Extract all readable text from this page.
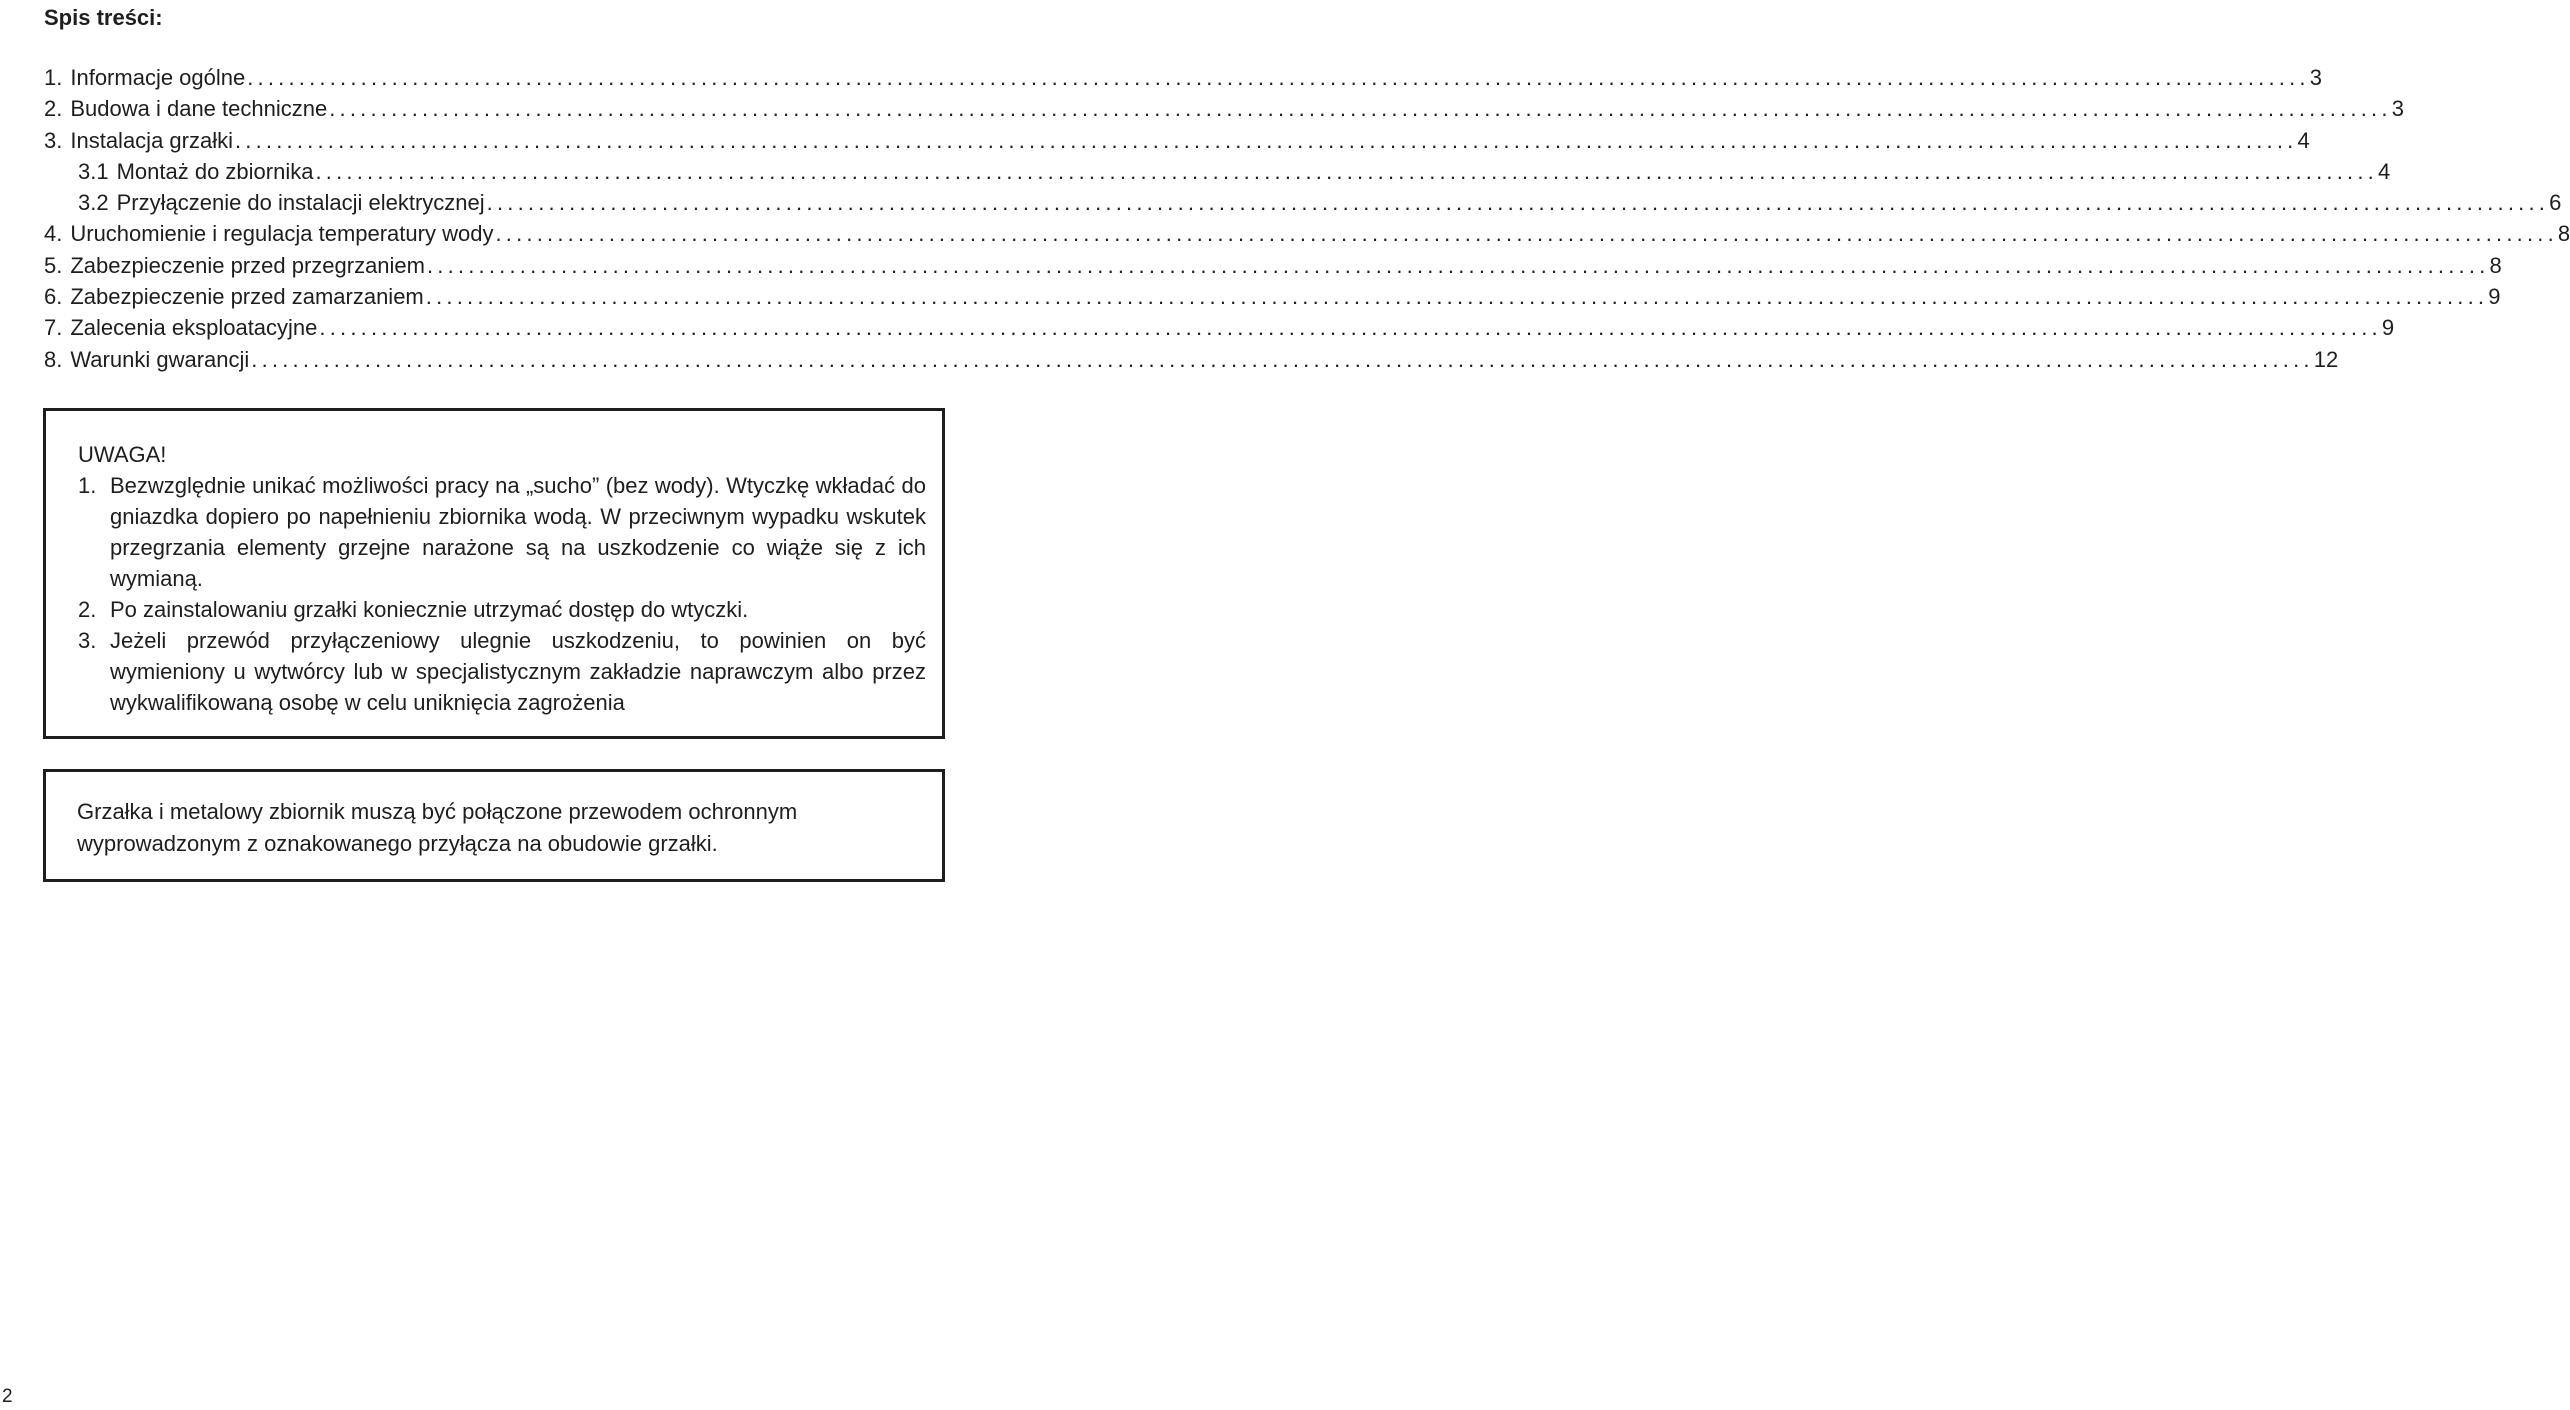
Spis treści:
1. Informacje ogólne ........................................................................................................................................................................................................ 3
2. Budowa i dane techniczne ........................................................................................................................................................................................................ 3
3. Instalacja grzałki ........................................................................................................................................................................................................ 4
3.1 Montaż do zbiornika ........................................................................................................................................................................................................ 4
3.2 Przyłączenie do instalacji elektrycznej ........................................................................................................................................................................................................ 6
4. Uruchomienie i regulacja temperatury wody ........................................................................................................................................................................................................ 8
5. Zabezpieczenie przed przegrzaniem ........................................................................................................................................................................................................ 8
6. Zabezpieczenie przed zamarzaniem ........................................................................................................................................................................................................ 9
7. Zalecenia eksploatacyjne ........................................................................................................................................................................................................ 9
8. Warunki gwarancji ........................................................................................................................................................................................................ 12
UWAGA!
1. Bezwzględnie unikać możliwości pracy na „sucho” (bez wody). Wtyczkę wkładać do gniazdka dopiero po napełnieniu zbiornika wodą. W przeciwnym wypadku wskutek przegrzania elementy grzejne narażone są na uszkodzenie co wiąże się z ich wymianą.
2. Po zainstalowaniu grzałki koniecznie utrzymać dostęp do wtyczki.
3. Jeżeli przewód przyłączeniowy ulegnie uszkodzeniu, to powinien on być wymieniony u wytwórcy lub w specjalistycznym zakładzie naprawczym albo przez wykwalifikowaną osobę w celu uniknięcia zagrożenia
Grzałka i metalowy zbiornik muszą być połączone przewodem ochronnym wyprowadzonym z oznakowanego przyłącza na obudowie grzałki.
2
